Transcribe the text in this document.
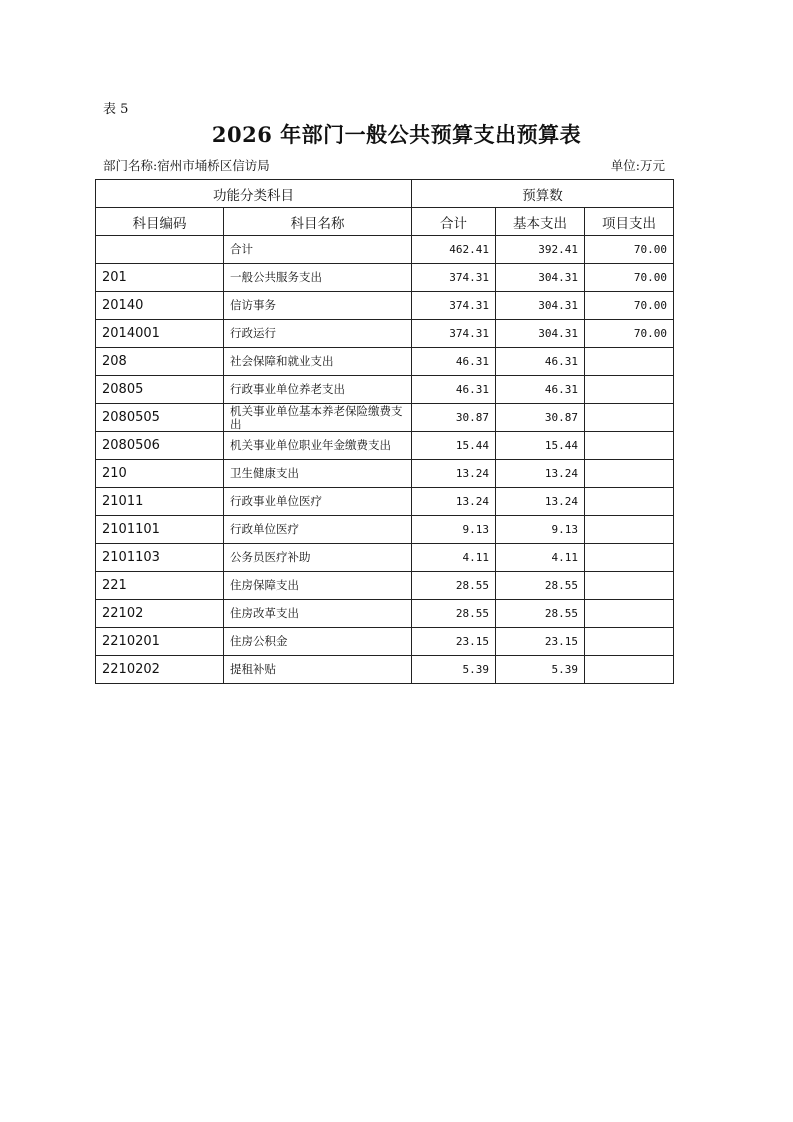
表 5
2026 年部门一般公共预算支出预算表
部门名称:宿州市埇桥区信访局	单位:万元
功能分类科目		预算数		
科目编码	科目名称	合计	基本支出	项目支出
	合计	462.41	392.41	70.00
201	一般公共服务支出	374.31	304.31	70.00
20140	信访事务	374.31	304.31	70.00
2014001	行政运行	374.31	304.31	70.00
208	社会保障和就业支出	46.31	46.31	
20805	行政事业单位养老支出	46.31	46.31	
2080505	机关事业单位基本养老保险缴费支出	30.87	30.87	
2080506	机关事业单位职业年金缴费支出	15.44	15.44	
210	卫生健康支出	13.24	13.24	
21011	行政事业单位医疗	13.24	13.24	
2101101	行政单位医疗	9.13	9.13	
2101103	公务员医疗补助	4.11	4.11	
221	住房保障支出	28.55	28.55	
22102	住房改革支出	28.55	28.55	
2210201	住房公积金	23.15	23.15	
2210202	提租补贴	5.39	5.39	
